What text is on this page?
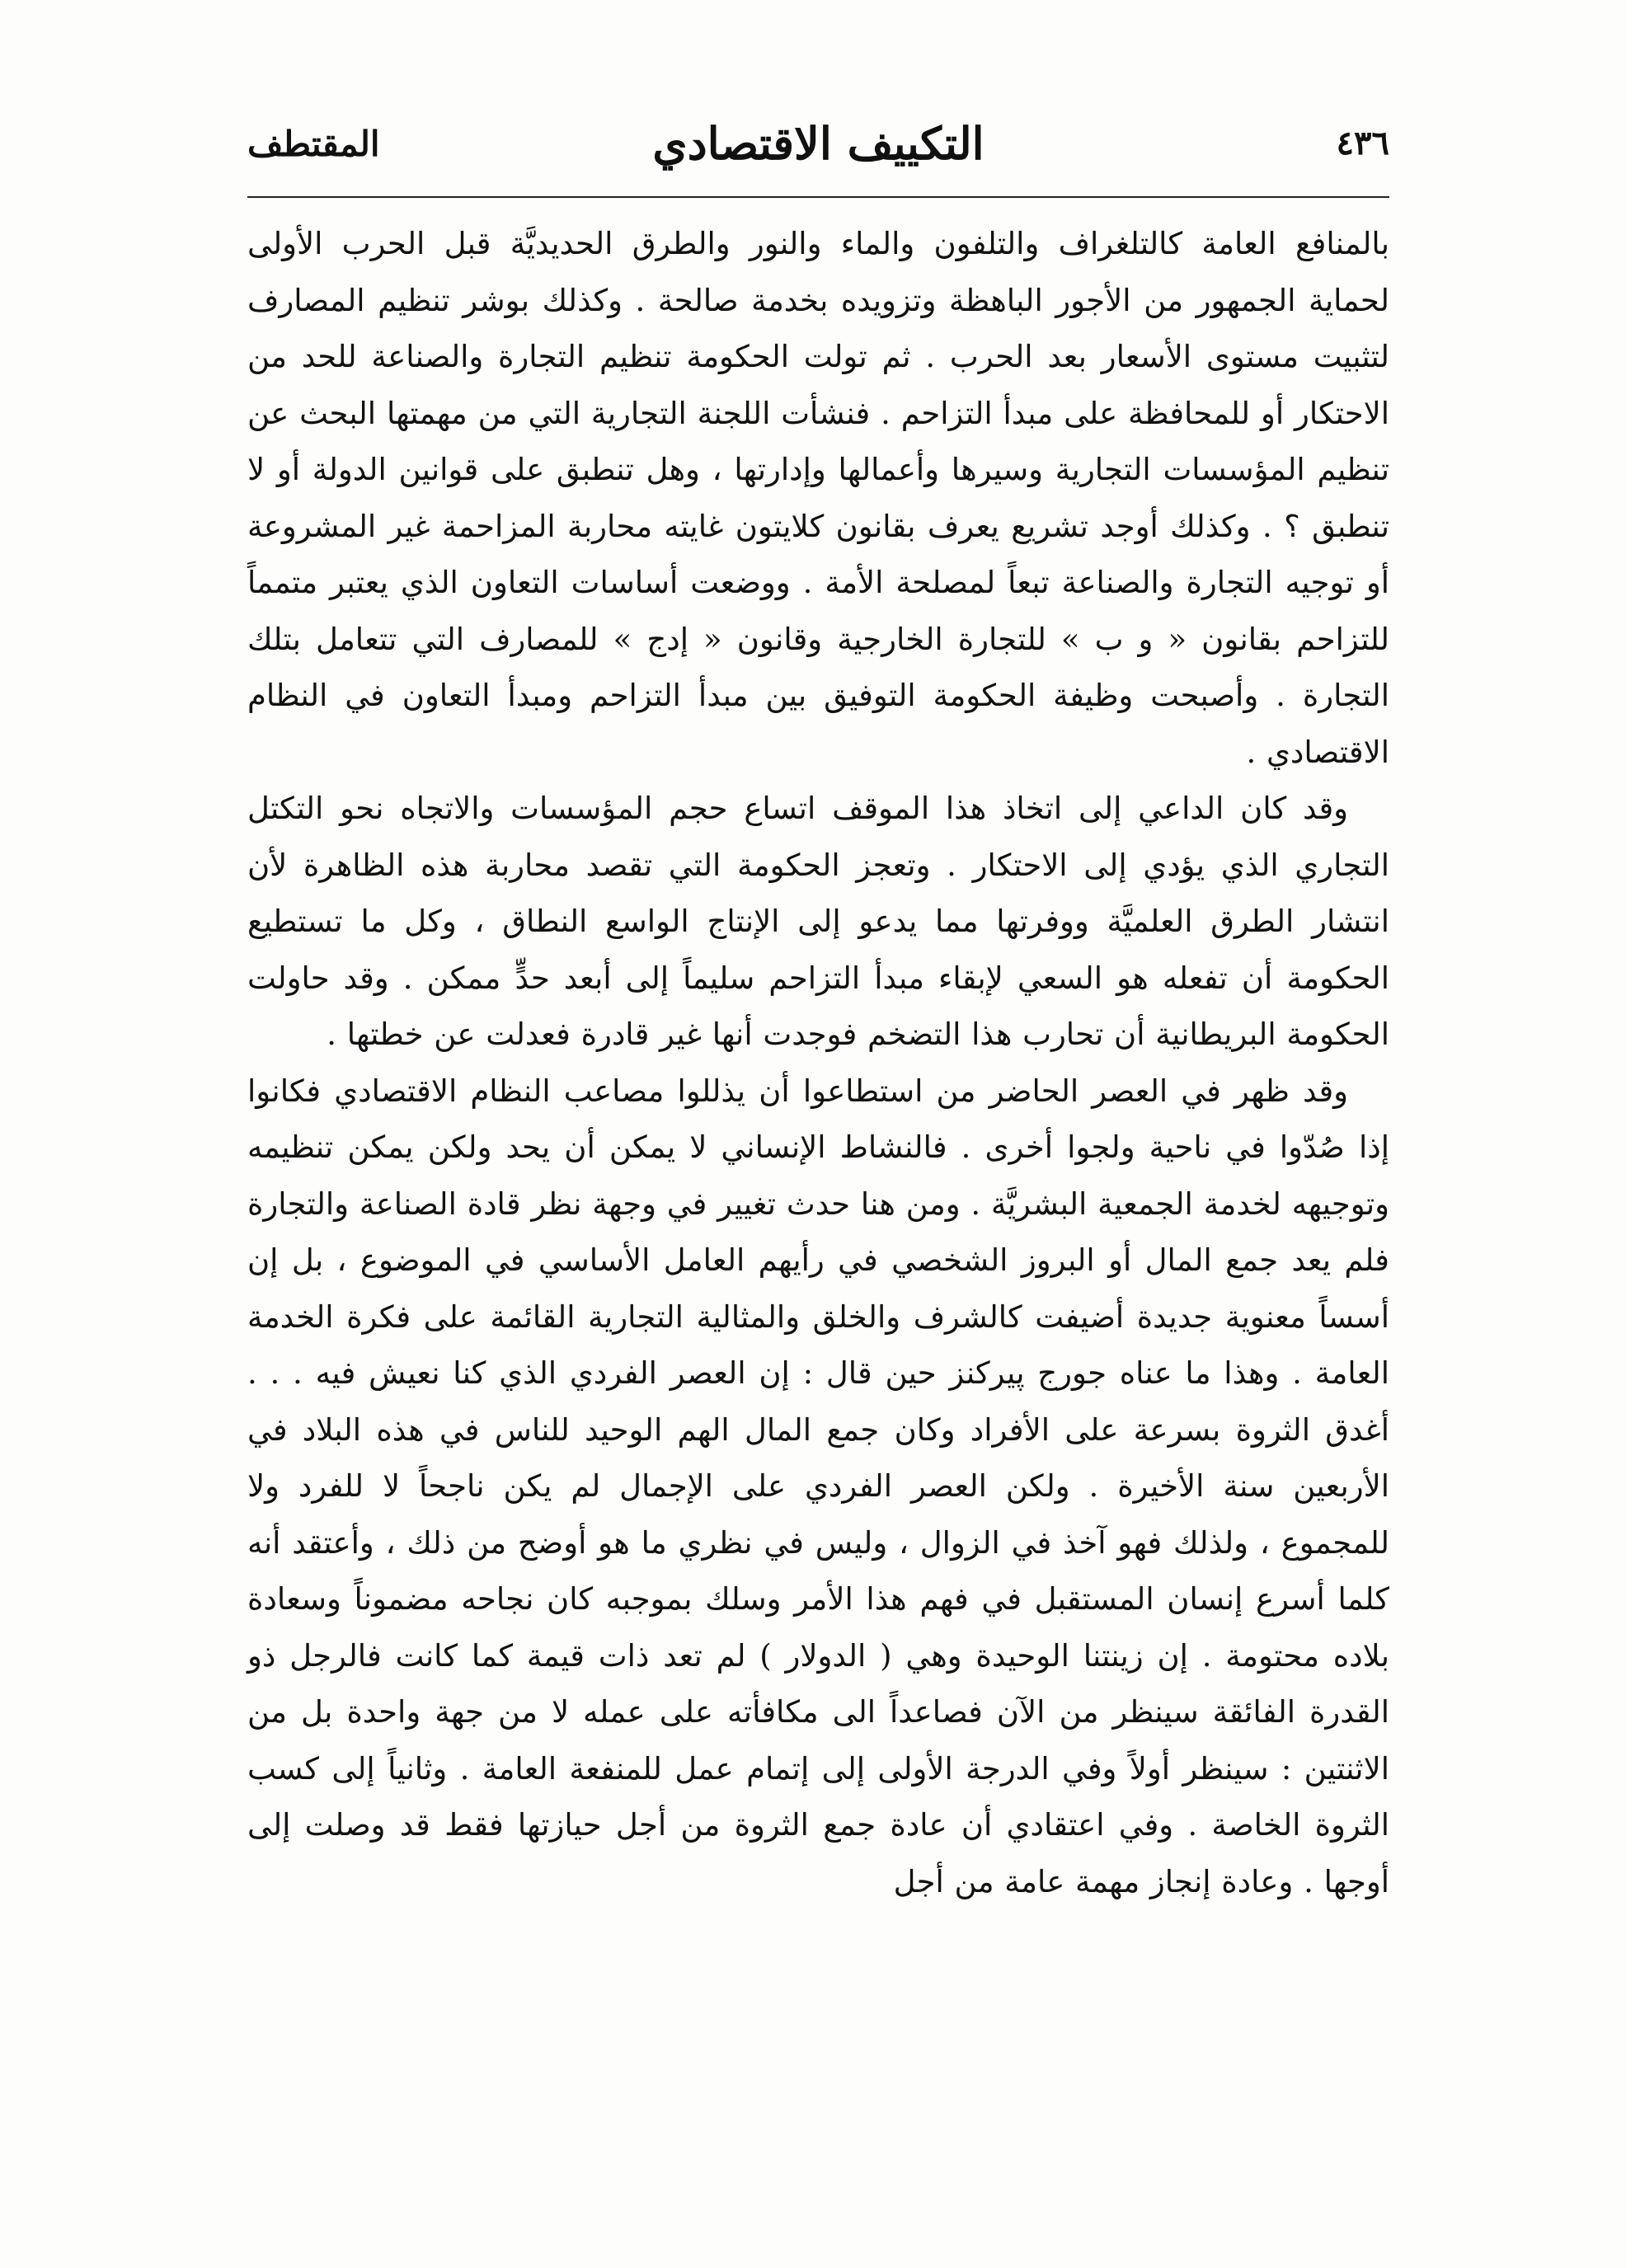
٤٣٦
التكييف الاقتصادي
المقتطف

بالمنافع العامة كالتلغراف والتلفون والماء والنور والطرق الحديديَّة قبل الحرب الأولى لحماية الجمهور من الأجور الباهظة وتزويده بخدمة صالحة . وكذلك بوشر تنظيم المصارف لتثبيت مستوى الأسعار بعد الحرب . ثم تولت الحكومة تنظيم التجارة والصناعة للحد من الاحتكار أو للمحافظة على مبدأ التزاحم . فنشأت اللجنة التجارية التي من مهمتها البحث عن تنظيم المؤسسات التجارية وسيرها وأعمالها وإدارتها ، وهل تنطبق على قوانين الدولة أو لا تنطبق ؟ . وكذلك أوجد تشريع يعرف بقانون كلايتون غايته محاربة المزاحمة غير المشروعة أو توجيه التجارة والصناعة تبعاً لمصلحة الأمة . ووضعت أساسات التعاون الذي يعتبر متمماً للتزاحم بقانون « و ب » للتجارة الخارجية وقانون « إدج » للمصارف التي تتعامل بتلك التجارة . وأصبحت وظيفة الحكومة التوفيق بين مبدأ التزاحم ومبدأ التعاون في النظام الاقتصادي .

وقد كان الداعي إلى اتخاذ هذا الموقف اتساع حجم المؤسسات والاتجاه نحو التكتل التجاري الذي يؤدي إلى الاحتكار . وتعجز الحكومة التي تقصد محاربة هذه الظاهرة لأن انتشار الطرق العلميَّة ووفرتها مما يدعو إلى الإنتاج الواسع النطاق ، وكل ما تستطيع الحكومة أن تفعله هو السعي لإبقاء مبدأ التزاحم سليماً إلى أبعد حدٍّ ممكن . وقد حاولت الحكومة البريطانية أن تحارب هذا التضخم فوجدت أنها غير قادرة فعدلت عن خطتها .

وقد ظهر في العصر الحاضر من استطاعوا أن يذللوا مصاعب النظام الاقتصادي فكانوا إذا صُدّوا في ناحية ولجوا أخرى . فالنشاط الإنساني لا يمكن أن يحد ولكن يمكن تنظيمه وتوجيهه لخدمة الجمعية البشريَّة . ومن هنا حدث تغيير في وجهة نظر قادة الصناعة والتجارة فلم يعد جمع المال أو البروز الشخصي في رأيهم العامل الأساسي في الموضوع ، بل إن أسساً معنوية جديدة أضيفت كالشرف والخلق والمثالية التجارية القائمة على فكرة الخدمة العامة . وهذا ما عناه جورج پيركنز حين قال : إن العصر الفردي الذي كنا نعيش فيه . . . أغدق الثروة بسرعة على الأفراد وكان جمع المال الهم الوحيد للناس في هذه البلاد في الأربعين سنة الأخيرة . ولكن العصر الفردي على الإجمال لم يكن ناجحاً لا للفرد ولا للمجموع ، ولذلك فهو آخذ في الزوال ، وليس في نظري ما هو أوضح من ذلك ، وأعتقد أنه كلما أسرع إنسان المستقبل في فهم هذا الأمر وسلك بموجبه كان نجاحه مضموناً وسعادة بلاده محتومة . إن زينتنا الوحيدة وهي ( الدولار ) لم تعد ذات قيمة كما كانت فالرجل ذو القدرة الفائقة سينظر من الآن فصاعداً الى مكافأته على عمله لا من جهة واحدة بل من الاثنتين : سينظر أولاً وفي الدرجة الأولى إلى إتمام عمل للمنفعة العامة . وثانياً إلى كسب الثروة الخاصة . وفي اعتقادي أن عادة جمع الثروة من أجل حيازتها فقط قد وصلت إلى أوجها . وعادة إنجاز مهمة عامة من أجل
